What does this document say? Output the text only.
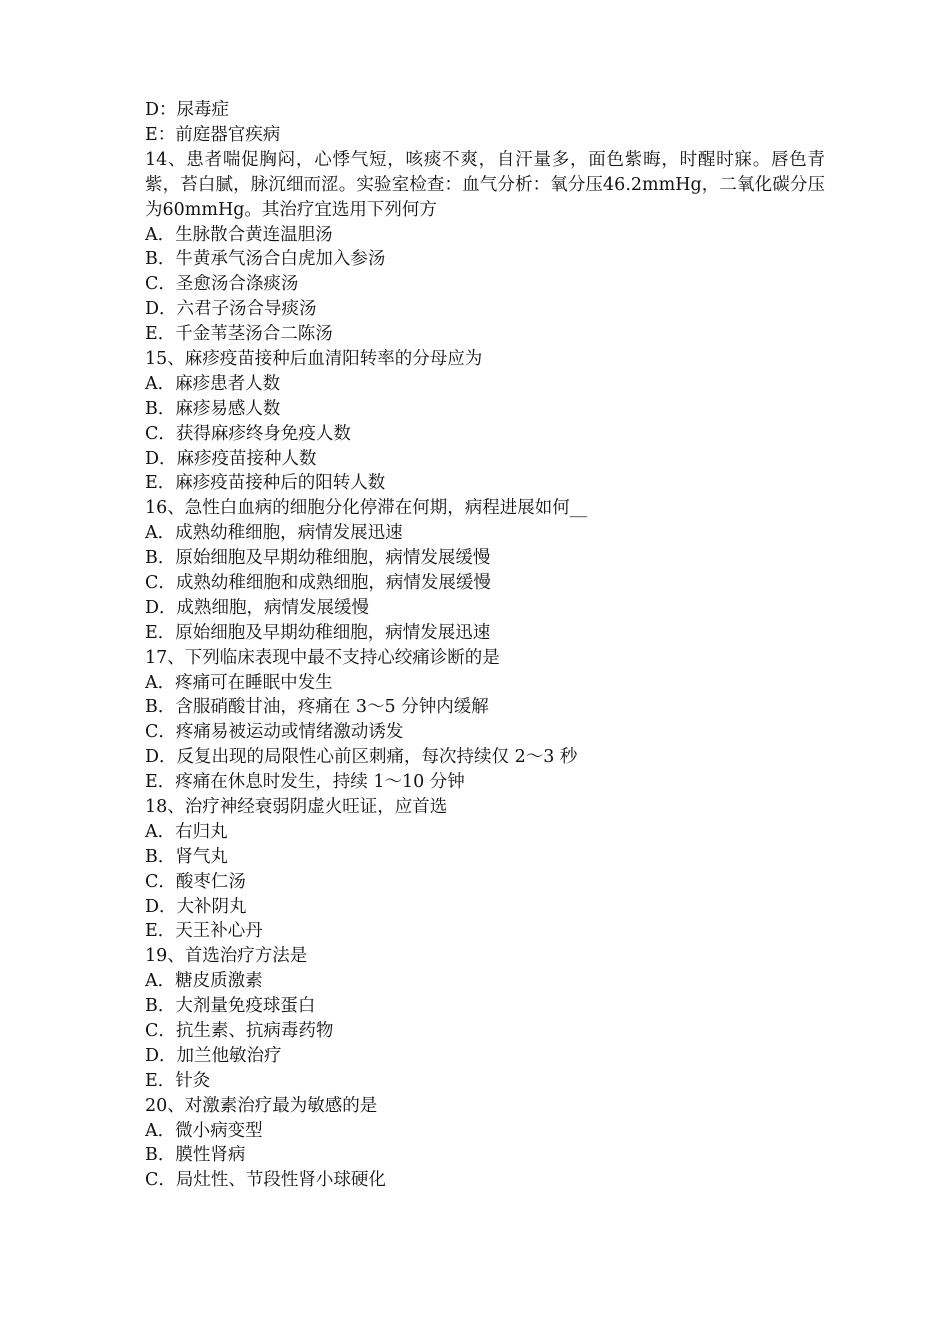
D：尿毒症
E：前庭器官疾病
14、患者喘促胸闷，心悸气短，咳痰不爽，自汗量多，面色紫晦，时醒时寐。唇色青紫，苔白腻，脉沉细而涩。实验室检查：血气分析：氧分压46.2mmHg，二氧化碳分压为60mmHg。其治疗宜选用下列何方
A．生脉散合黄连温胆汤
B．牛黄承气汤合白虎加入参汤
C．圣愈汤合涤痰汤
D．六君子汤合导痰汤
E．千金苇茎汤合二陈汤
15、麻疹疫苗接种后血清阳转率的分母应为
A．麻疹患者人数
B．麻疹易感人数
C．获得麻疹终身免疫人数
D．麻疹疫苗接种人数
E．麻疹疫苗接种后的阳转人数
16、急性白血病的细胞分化停滞在何期，病程进展如何__
A．成熟幼稚细胞，病情发展迅速
B．原始细胞及早期幼稚细胞，病情发展缓慢
C．成熟幼稚细胞和成熟细胞，病情发展缓慢
D．成熟细胞，病情发展缓慢
E．原始细胞及早期幼稚细胞，病情发展迅速
17、下列临床表现中最不支持心绞痛诊断的是
A．疼痛可在睡眠中发生
B．含服硝酸甘油，疼痛在 3～5 分钟内缓解
C．疼痛易被运动或情绪激动诱发
D．反复出现的局限性心前区刺痛，每次持续仅 2～3 秒
E．疼痛在休息时发生，持续 1～10 分钟
18、治疗神经衰弱阴虚火旺证，应首选
A．右归丸
B．肾气丸
C．酸枣仁汤
D．大补阴丸
E．天王补心丹
19、首选治疗方法是
A．糖皮质激素
B．大剂量免疫球蛋白
C．抗生素、抗病毒药物
D．加兰他敏治疗
E．针灸
20、对激素治疗最为敏感的是
A．微小病变型
B．膜性肾病
C．局灶性、节段性肾小球硬化
